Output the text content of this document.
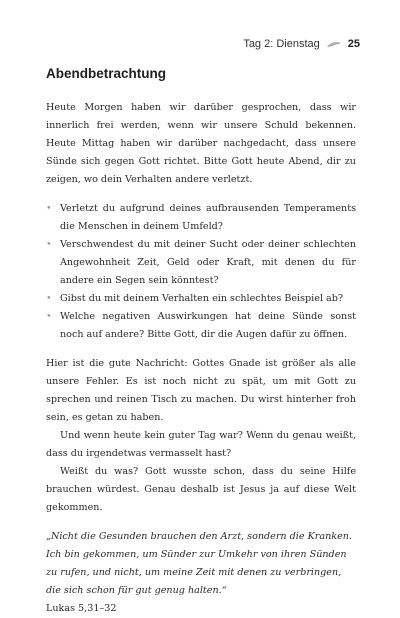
Tag 2: Dienstag	25
Abendbetrachtung

Heute Morgen haben wir darüber gesprochen, dass wir innerlich frei werden, wenn wir unsere Schuld bekennen. Heute Mittag haben wir darüber nachgedacht, dass unsere Sünde sich gegen Gott richtet. Bitte Gott heute Abend, dir zu zeigen, wo dein Verhalten andere verletzt.

• Verletzt du aufgrund deines aufbrausenden Temperaments die Menschen in deinem Umfeld?
• Verschwendest du mit deiner Sucht oder deiner schlechten Angewohnheit Zeit, Geld oder Kraft, mit denen du für andere ein Segen sein könntest?
• Gibst du mit deinem Verhalten ein schlechtes Beispiel ab?
• Welche negativen Auswirkungen hat deine Sünde sonst noch auf andere? Bitte Gott, dir die Augen dafür zu öffnen.

Hier ist die gute Nachricht: Gottes Gnade ist größer als alle unsere Fehler. Es ist noch nicht zu spät, um mit Gott zu sprechen und reinen Tisch zu machen. Du wirst hinterher froh sein, es getan zu haben.

Und wenn heute kein guter Tag war? Wenn du genau weißt, dass du irgendetwas vermasselt hast?

Weißt du was? Gott wusste schon, dass du seine Hilfe brauchen würdest. Genau deshalb ist Jesus ja auf diese Welt gekommen.

„Nicht die Gesunden brauchen den Arzt, sondern die Kranken. Ich bin gekommen, um Sünder zur Umkehr von ihren Sünden zu rufen, und nicht, um meine Zeit mit denen zu verbringen, die sich schon für gut genug halten.“

Lukas 5,31–32
